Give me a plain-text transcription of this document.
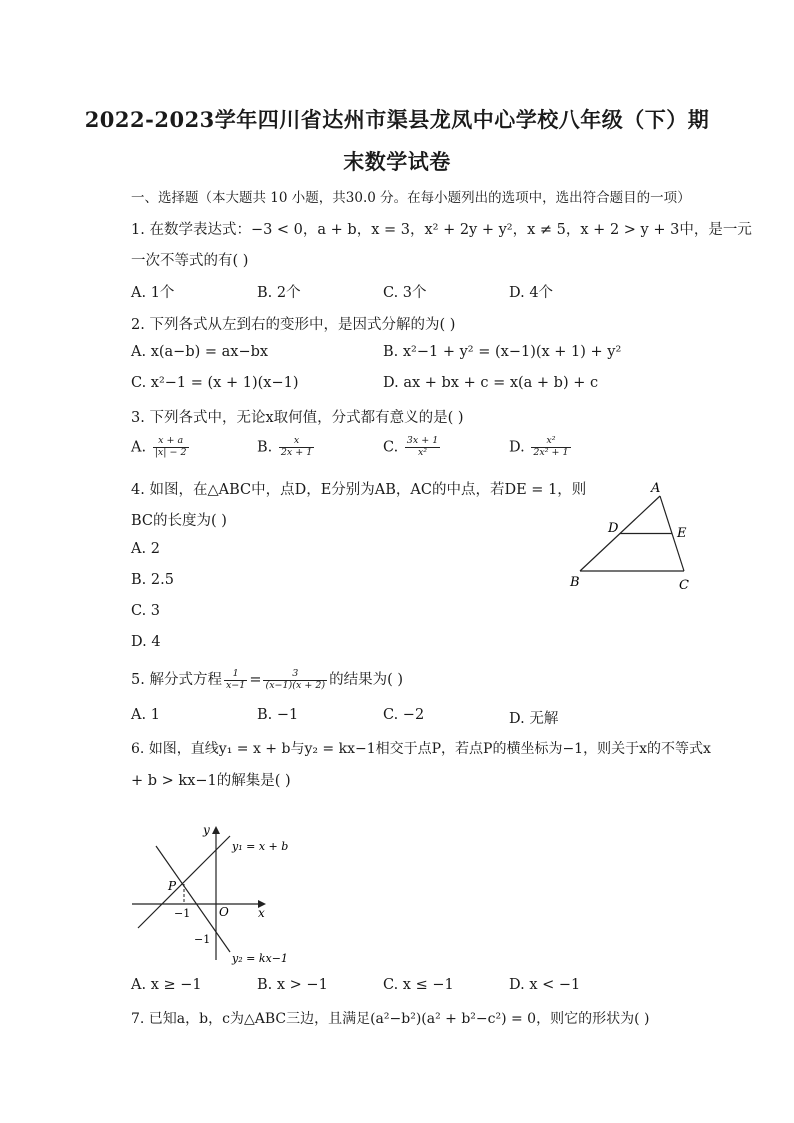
2022-2023学年四川省达州市渠县龙凤中心学校八年级（下）期
末数学试卷
一、选择题（本大题共 10 小题，共30.0 分。在每小题列出的选项中，选出符合题目的一项）
1. 在数学表达式：−3 < 0，a + b，x = 3，x² + 2y + y²，x ≠ 5，x + 2 > y + 3中，是一元
一次不等式的有( )
A. 1个	B. 2个	C. 3个	D. 4个
2. 下列各式从左到右的变形中，是因式分解的为( )
A. x(a−b) = ax−bx	B. x²−1 + y² = (x−1)(x + 1) + y²
C. x²−1 = (x + 1)(x−1)	D. ax + bx + c = x(a + b) + c
3. 下列各式中，无论x取何值，分式都有意义的是( )
A. $\frac{x + a}{|x| - 2}$	B. $\frac{x}{2x + 1}$	C. $\frac{3x + 1}{\text{x²}}$	D. $\frac{\text{x²}}{\text{2x² + 1}}$
4. 如图，在△ABC中，点D，E分别为AB，AC的中点，若DE = 1，则
BC的长度为( )
A. 2
B. 2.5
C. 3
D. 4
A
D	E
B	C
5. 解分式方程 $\frac{1}{x-1} = \frac{3}{(x-1)(x + 2)}$ 的结果为( )
A. 1	B. −1	C. −2	D. 无解
6. 如图，直线y₁ = x + b与y₂ = kx−1相交于点P，若点P的横坐标为−1，则关于x的不等式x
+ b > kx−1的解集是( )
y
x
O
P
−1
−1
y₁ = x + b
y₂ = kx−1
A. x ≥ −1	B. x > −1	C. x ≤ −1	D. x < −1
7. 已知a，b，c为△ABC三边，且满足(a²−b²)(a² + b²−c²) = 0，则它的形状为( )
